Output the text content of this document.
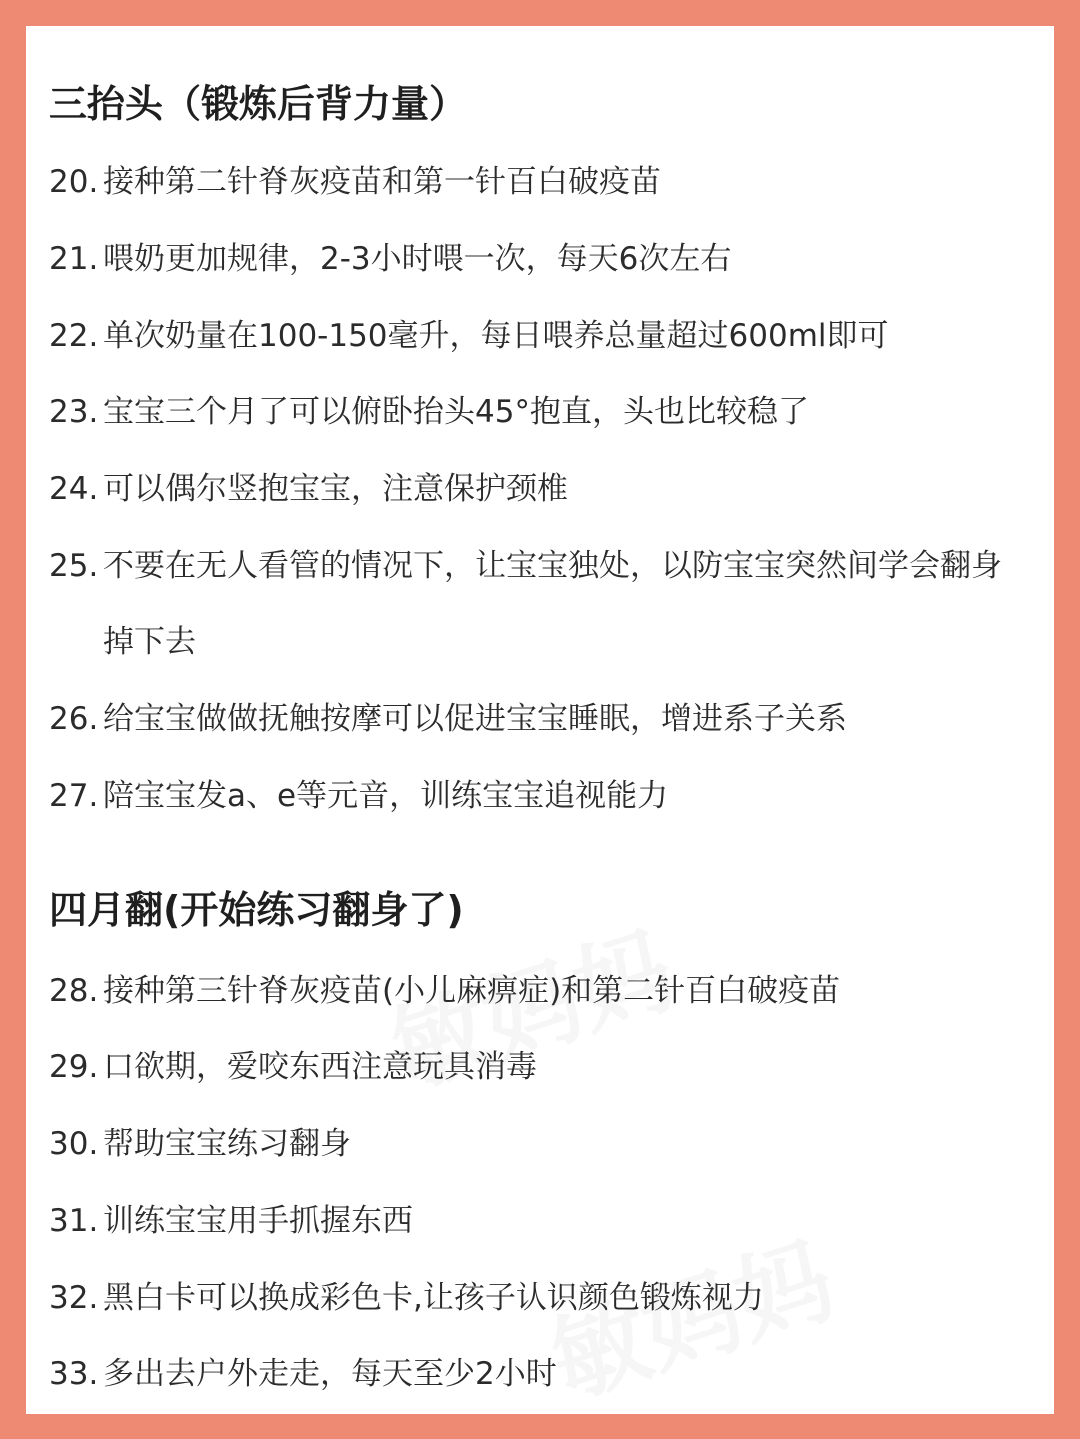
三抬头（锻炼后背力量）
20. 接种第二针脊灰疫苗和第一针百白破疫苗
21. 喂奶更加规律，2-3小时喂一次，每天6次左右
22. 单次奶量在100-150毫升，每日喂养总量超过600ml即可
23. 宝宝三个月了可以俯卧抬头45°抱直，头也比较稳了
24. 可以偶尔竖抱宝宝，注意保护颈椎
25. 不要在无人看管的情况下，让宝宝独处，以防宝宝突然间学会翻身
掉下去
26. 给宝宝做做抚触按摩可以促进宝宝睡眠，增进系子关系
27. 陪宝宝发a、e等元音，训练宝宝追视能力
四月翻(开始练习翻身了)
28. 接种第三针脊灰疫苗(小儿麻痹症)和第二针百白破疫苗
29. 口欲期，爱咬东西注意玩具消毒
30. 帮助宝宝练习翻身
31. 训练宝宝用手抓握东西
32. 黑白卡可以换成彩色卡,让孩子认识颜色锻炼视力
33. 多出去户外走走，每天至少2小时
